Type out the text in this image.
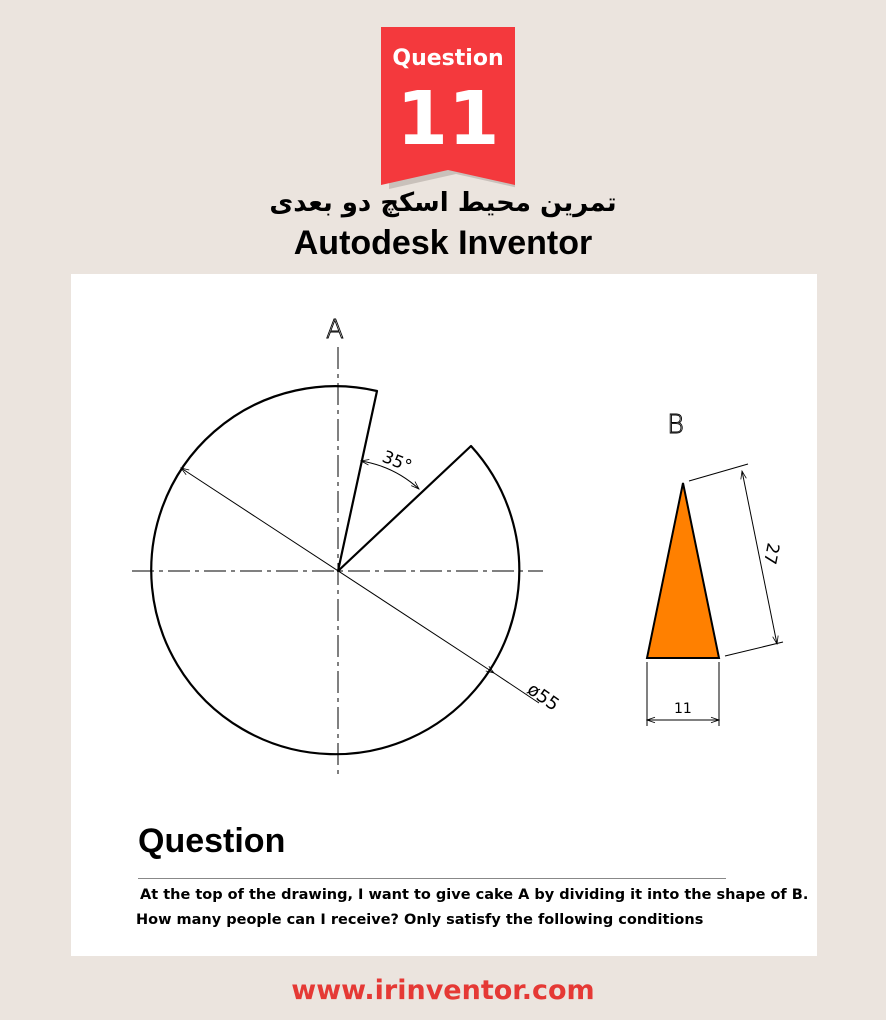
Question
11
تمرین محیط اسکچ دو بعدی
Autodesk Inventor
ø55
35°
A
B
27
11
Question
At the top of the drawing, I want to give cake A by dividing it into the shape of B.
How many people can I receive? Only satisfy the following conditions
www.irinventor.com
